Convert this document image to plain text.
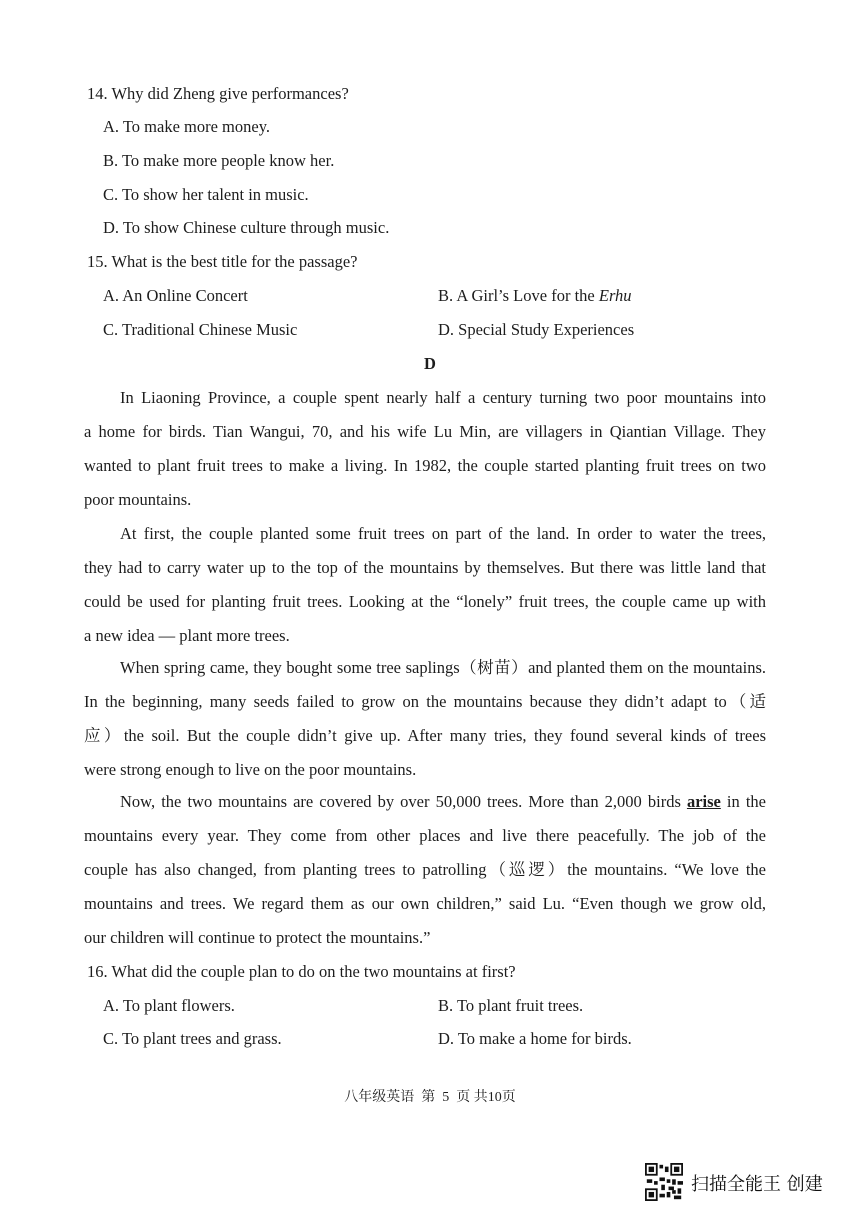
14. Why did Zheng give performances?
A. To make more money.
B. To make more people know her.
C. To show her talent in music.
D. To show Chinese culture through music.
15. What is the best title for the passage?
A. An Online Concert	B. A Girl’s Love for the Erhu
C. Traditional Chinese Music	D. Special Study Experiences
D
In Liaoning Province, a couple spent nearly half a century turning two poor mountains into
a home for birds. Tian Wangui, 70, and his wife Lu Min, are villagers in Qiantian Village. They
wanted to plant fruit trees to make a living. In 1982, the couple started planting fruit trees on two
poor mountains.
At first, the couple planted some fruit trees on part of the land. In order to water the trees,
they had to carry water up to the top of the mountains by themselves. But there was little land that
could be used for planting fruit trees. Looking at the “lonely” fruit trees, the couple came up with
a new idea — plant more trees.
When spring came, they bought some tree saplings（树苗）and planted them on the mountains.
In the beginning, many seeds failed to grow on the mountains because they didn’t adapt to（适
应）the soil. But the couple didn’t give up. After many tries, they found several kinds of trees
were strong enough to live on the poor mountains.
Now, the two mountains are covered by over 50,000 trees. More than 2,000 birds arise in the
mountains every year. They come from other places and live there peacefully. The job of the
couple has also changed, from planting trees to patrolling（巡逻）the mountains. “We love the
mountains and trees. We regard them as our own children,” said Lu. “Even though we grow old,
our children will continue to protect the mountains.”
16. What did the couple plan to do on the two mountains at first?
A. To plant flowers.	B. To plant fruit trees.
C. To plant trees and grass.	D. To make a home for birds.
八年级英语  第  5  页 共10页
扫描全能王 创建
